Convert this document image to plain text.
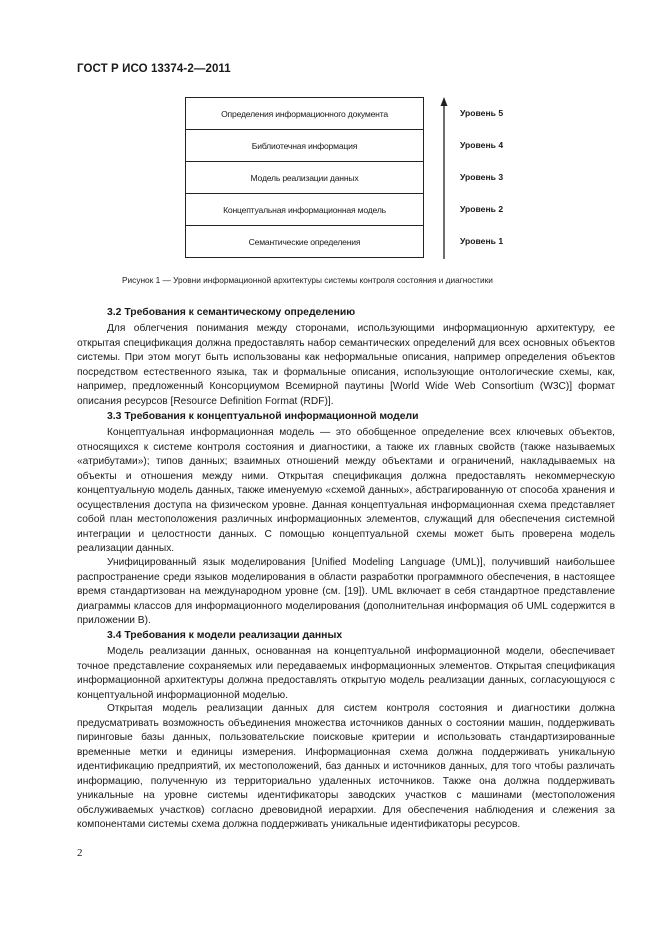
ГОСТ Р ИСО 13374-2—2011
Определения информационного документа
Библиотечная информация
Модель реализации данных
Концептуальная информационная модель
Семантические определения
Уровень 5
Уровень 4
Уровень 3
Уровень 2
Уровень 1
Рисунок 1 — Уровни информационной архитектуры системы контроля состояния и диагностики
3.2 Требования к семантическому определению
Для облегчения понимания между сторонами, использующими информационную архитектуру, ее открытая спецификация должна предоставлять набор семантических определений для всех основных объектов системы. При этом могут быть использованы как неформальные описания, например определения объектов посредством естественного языка, так и формальные описания, использующие онтологические схемы, как, например, предложенный Консорциумом Всемирной паутины [World Wide Web Consortium (W3C)] формат описания ресурсов [Resource Definition Format (RDF)].
3.3 Требования к концептуальной информационной модели
Концептуальная информационная модель — это обобщенное определение всех ключевых объектов, относящихся к системе контроля состояния и диагностики, а также их главных свойств (также называемых «атрибутами»); типов данных; взаимных отношений между объектами и ограничений, накладываемых на объекты и отношения между ними. Открытая спецификация должна предоставлять некоммерческую концептуальную модель данных, также именуемую «схемой данных», абстрагированную от способа хранения и осуществления доступа на физическом уровне. Данная концептуальная информационная схема представляет собой план местоположения различных информационных элементов, служащий для обеспечения системной интеграции и целостности данных. С помощью концептуальной схемы может быть проверена модель реализации данных.
Унифицированный язык моделирования [Unified Modeling Language (UML)], получивший наибольшее распространение среди языков моделирования в области разработки программного обеспечения, в настоящее время стандартизован на международном уровне (см. [19]). UML включает в себя стандартное представление диаграммы классов для информационного моделирования (дополнительная информация об UML содержится в приложении В).
3.4 Требования к модели реализации данных
Модель реализации данных, основанная на концептуальной информационной модели, обеспечивает точное представление сохраняемых или передаваемых информационных элементов. Открытая спецификация информационной архитектуры должна предоставлять открытую модель реализации данных, согласующуюся с концептуальной информационной моделью.
Открытая модель реализации данных для систем контроля состояния и диагностики должна предусматривать возможность объединения множества источников данных о состоянии машин, поддерживать пиринговые базы данных, пользовательские поисковые критерии и использовать стандартизированные временные метки и единицы измерения. Информационная схема должна поддерживать уникальную идентификацию предприятий, их местоположений, баз данных и источников данных, для того чтобы различать информацию, полученную из территориально удаленных источников. Также она должна поддерживать уникальные на уровне системы идентификаторы заводских участков с машинами (местоположения обслуживаемых участков) согласно древовидной иерархии. Для обеспечения наблюдения и слежения за компонентами системы схема должна поддерживать уникальные идентификаторы ресурсов.
2
